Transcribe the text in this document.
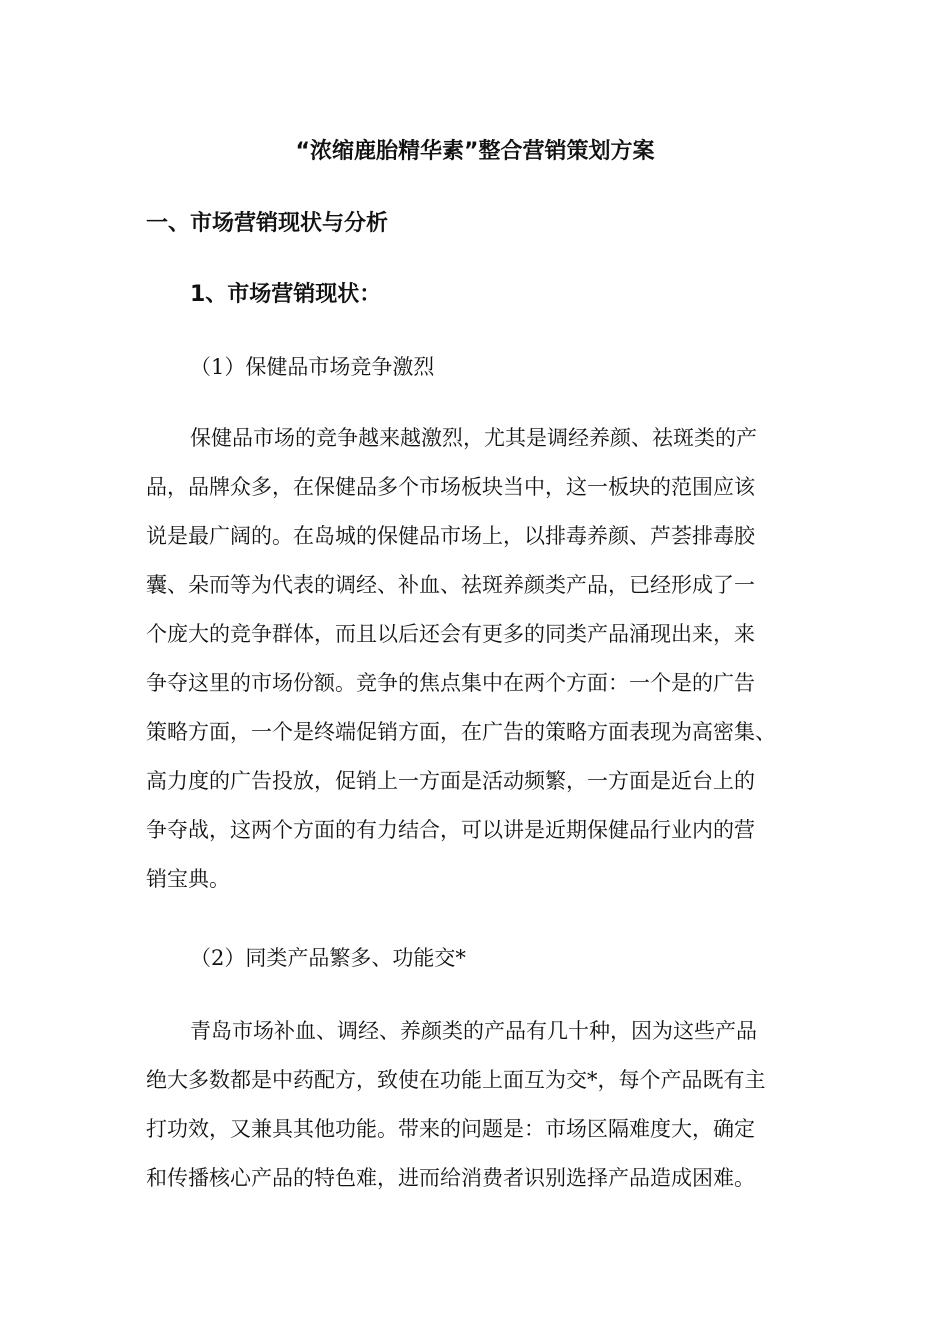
“浓缩鹿胎精华素”整合营销策划方案
一、市场营销现状与分析
1、市场营销现状：
（1）保健品市场竞争激烈
保健品市场的竞争越来越激烈，尤其是调经养颜、祛斑类的产
品，品牌众多，在保健品多个市场板块当中，这一板块的范围应该
说是最广阔的。在岛城的保健品市场上，以排毒养颜、芦荟排毒胶
囊、朵而等为代表的调经、补血、祛斑养颜类产品，已经形成了一
个庞大的竞争群体，而且以后还会有更多的同类产品涌现出来，来
争夺这里的市场份额。竞争的焦点集中在两个方面：一个是的广告
策略方面，一个是终端促销方面，在广告的策略方面表现为高密集、
高力度的广告投放，促销上一方面是活动频繁，一方面是近台上的
争夺战，这两个方面的有力结合，可以讲是近期保健品行业内的营
销宝典。
（2）同类产品繁多、功能交*
青岛市场补血、调经、养颜类的产品有几十种，因为这些产品
绝大多数都是中药配方，致使在功能上面互为交*，每个产品既有主
打功效，又兼具其他功能。带来的问题是：市场区隔难度大，确定
和传播核心产品的特色难，进而给消费者识别选择产品造成困难。
